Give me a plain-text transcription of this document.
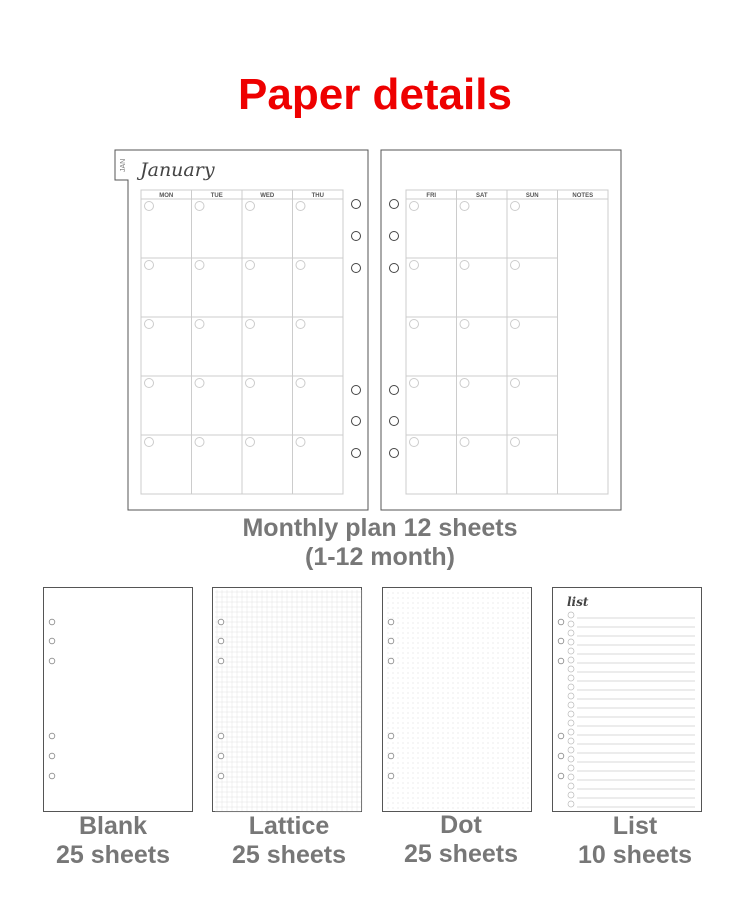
Paper details
JAN January
MON	TUE	WED	THU	FRI	SAT	SUN	NOTES
Monthly plan 12 sheets
(1-12 month)
list
Blank
25 sheets
Lattice
25 sheets
Dot
25 sheets
List
10 sheets
